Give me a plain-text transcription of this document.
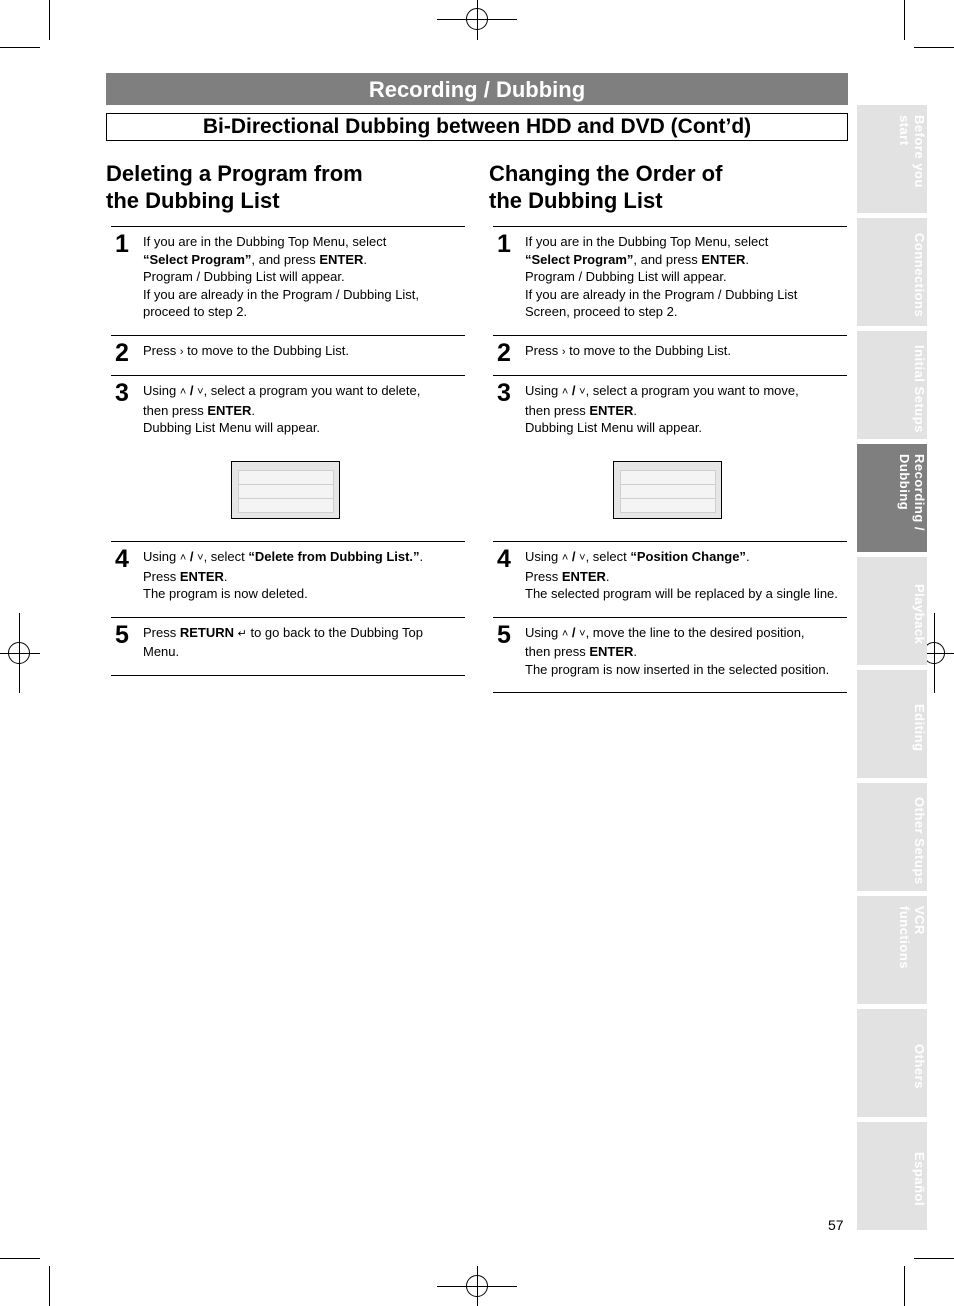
Recording / Dubbing
Bi-Directional Dubbing between HDD and DVD (Cont’d)
Deleting a Program from
the Dubbing List
1 If you are in the Dubbing Top Menu, select

“Select Program”, and press ENTER.

Program / Dubbing List will appear.

If you are already in the Program / Dubbing List,

proceed to step 2.

2 Press › to move to the Dubbing List.

3 Using ˄ / ˅, select a program you want to delete,

then press ENTER.

Dubbing List Menu will appear.

4 Using ˄ / ˅, select “Delete from Dubbing List.”.

Press ENTER.

The program is now deleted.

5 Press RETURN ↵ to go back to the Dubbing Top

Menu.

Changing the Order of
the Dubbing List
1 If you are in the Dubbing Top Menu, select

“Select Program”, and press ENTER.

Program / Dubbing List will appear.

If you are already in the Program / Dubbing List

Screen, proceed to step 2.

2 Press › to move to the Dubbing List.

3 Using ˄ / ˅, select a program you want to move,

then press ENTER.

Dubbing List Menu will appear.

4 Using ˄ / ˅, select “Position Change”.

Press ENTER.

The selected program will be replaced by a single line.

5 Using ˄ / ˅, move the line to the desired position,

then press ENTER.

The program is now inserted in the selected position.

Before you start
Connections
Initial Setups
Recording / Dubbing
Playback
Editing
Other Setups
VCR functions
Others
Español
57
